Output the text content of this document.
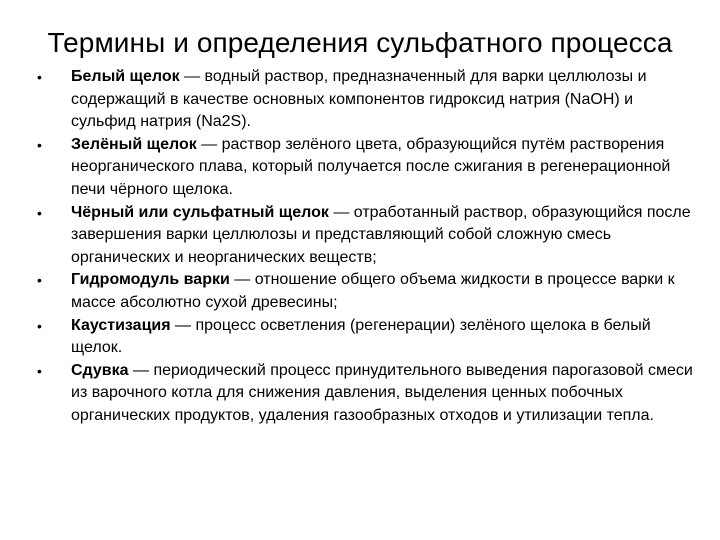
Термины и определения сульфатного процесса
• Белый щелок — водный раствор, предназначенный для варки целлюлозы и содержащий в качестве основных компонентов гидроксид натрия (NaOH) и сульфид натрия (Na2S).
• Зелёный щелок — раствор зелёного цвета, образующийся путём растворения неорганического плава, который получается после сжигания в регенерационной печи чёрного щелока.
• Чёрный или сульфатный щелок — отработанный раствор, образующийся после завершения варки целлюлозы и представляющий собой сложную смесь органических и неорганических веществ;
• Гидромодуль варки — отношение общего объема жидкости в процессе варки к массе абсолютно сухой древесины;
• Каустизация — процесс осветления (регенерации) зелёного щелока в белый щелок.
• Сдувка — периодический процесс принудительного выведения парогазовой смеси из варочного котла для снижения давления, выделения ценных побочных органических продуктов, удаления газообразных отходов и утилизации тепла.
